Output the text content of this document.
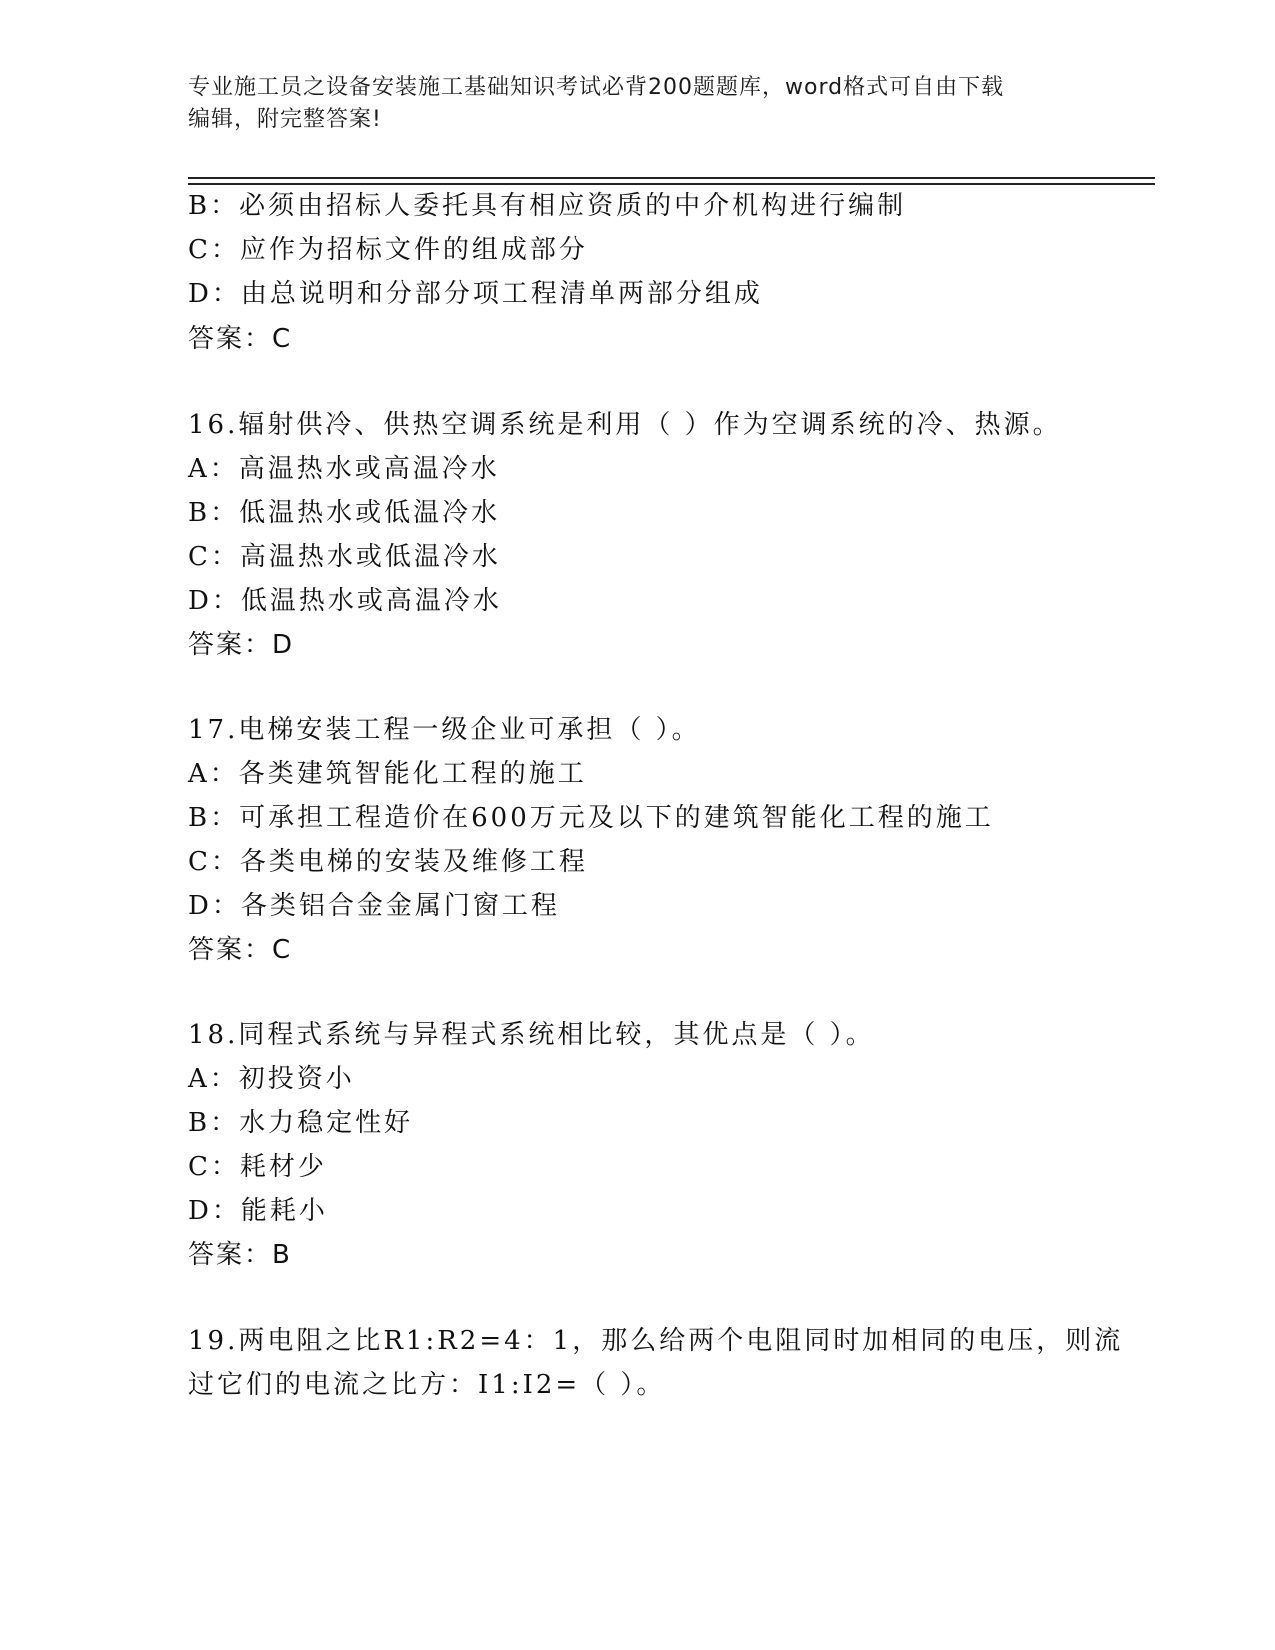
专业施工员之设备安装施工基础知识考试必背200题题库，word格式可自由下载
编辑，附完整答案!
B：必须由招标人委托具有相应资质的中介机构进行编制
C：应作为招标文件的组成部分
D：由总说明和分部分项工程清单两部分组成
答案：C
16.辐射供冷、供热空调系统是利用（ ）作为空调系统的冷、热源。
A：高温热水或高温冷水
B：低温热水或低温冷水
C：高温热水或低温冷水
D：低温热水或高温冷水
答案：D
17.电梯安装工程一级企业可承担（ ）。
A：各类建筑智能化工程的施工
B：可承担工程造价在600万元及以下的建筑智能化工程的施工
C：各类电梯的安装及维修工程
D：各类铝合金金属门窗工程
答案：C
18.同程式系统与异程式系统相比较，其优点是（ ）。
A：初投资小
B：水力稳定性好
C：耗材少
D：能耗小
答案：B
19.两电阻之比R1:R2=4：1，那么给两个电阻同时加相同的电压，则流
过它们的电流之比方：I1:I2=（ ）。
